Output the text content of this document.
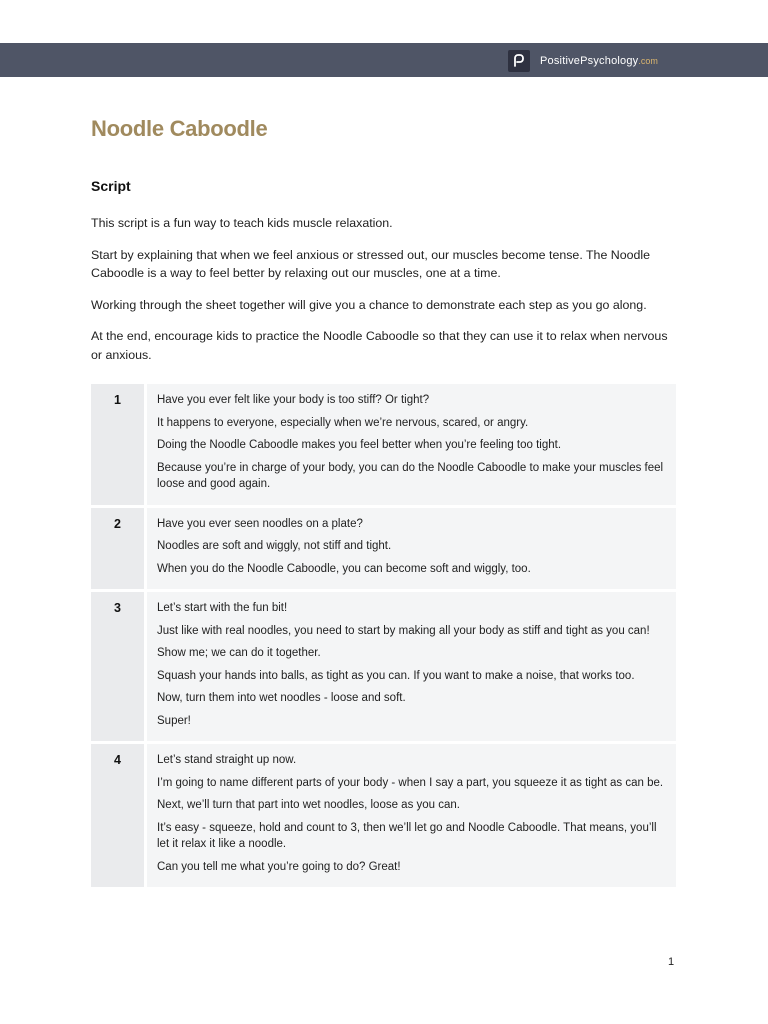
PositivePsychology .com
Noodle Caboodle
Script

This script is a fun way to teach kids muscle relaxation.

Start by explaining that when we feel anxious or stressed out, our muscles become tense. The Noodle Caboodle is a way to feel better by relaxing out our muscles, one at a time.

Working through the sheet together will give you a chance to demonstrate each step as you go along.

At the end, encourage kids to practice the Noodle Caboodle so that they can use it to relax when nervous or anxious.

1	Have you ever felt like your body is too stiff? Or tight?

It happens to everyone, especially when we’re nervous, scared, or angry.

Doing the Noodle Caboodle makes you feel better when you’re feeling too tight.

Because you’re in charge of your body, you can do the Noodle Caboodle to make your muscles feel loose and good again.

2	Have you ever seen noodles on a plate?

Noodles are soft and wiggly, not stiff and tight.

When you do the Noodle Caboodle, you can become soft and wiggly, too.

3	Let’s start with the fun bit!

Just like with real noodles, you need to start by making all your body as stiff and tight as you can!

Show me; we can do it together.

Squash your hands into balls, as tight as you can. If you want to make a noise, that works too.

Now, turn them into wet noodles - loose and soft.

Super!

4	Let’s stand straight up now.

I’m going to name different parts of your body - when I say a part, you squeeze it as tight as can be.

Next, we’ll turn that part into wet noodles, loose as you can.

It’s easy - squeeze, hold and count to 3, then we’ll let go and Noodle Caboodle. That means, you’ll let it relax it like a noodle.

Can you tell me what you’re going to do? Great!

1
